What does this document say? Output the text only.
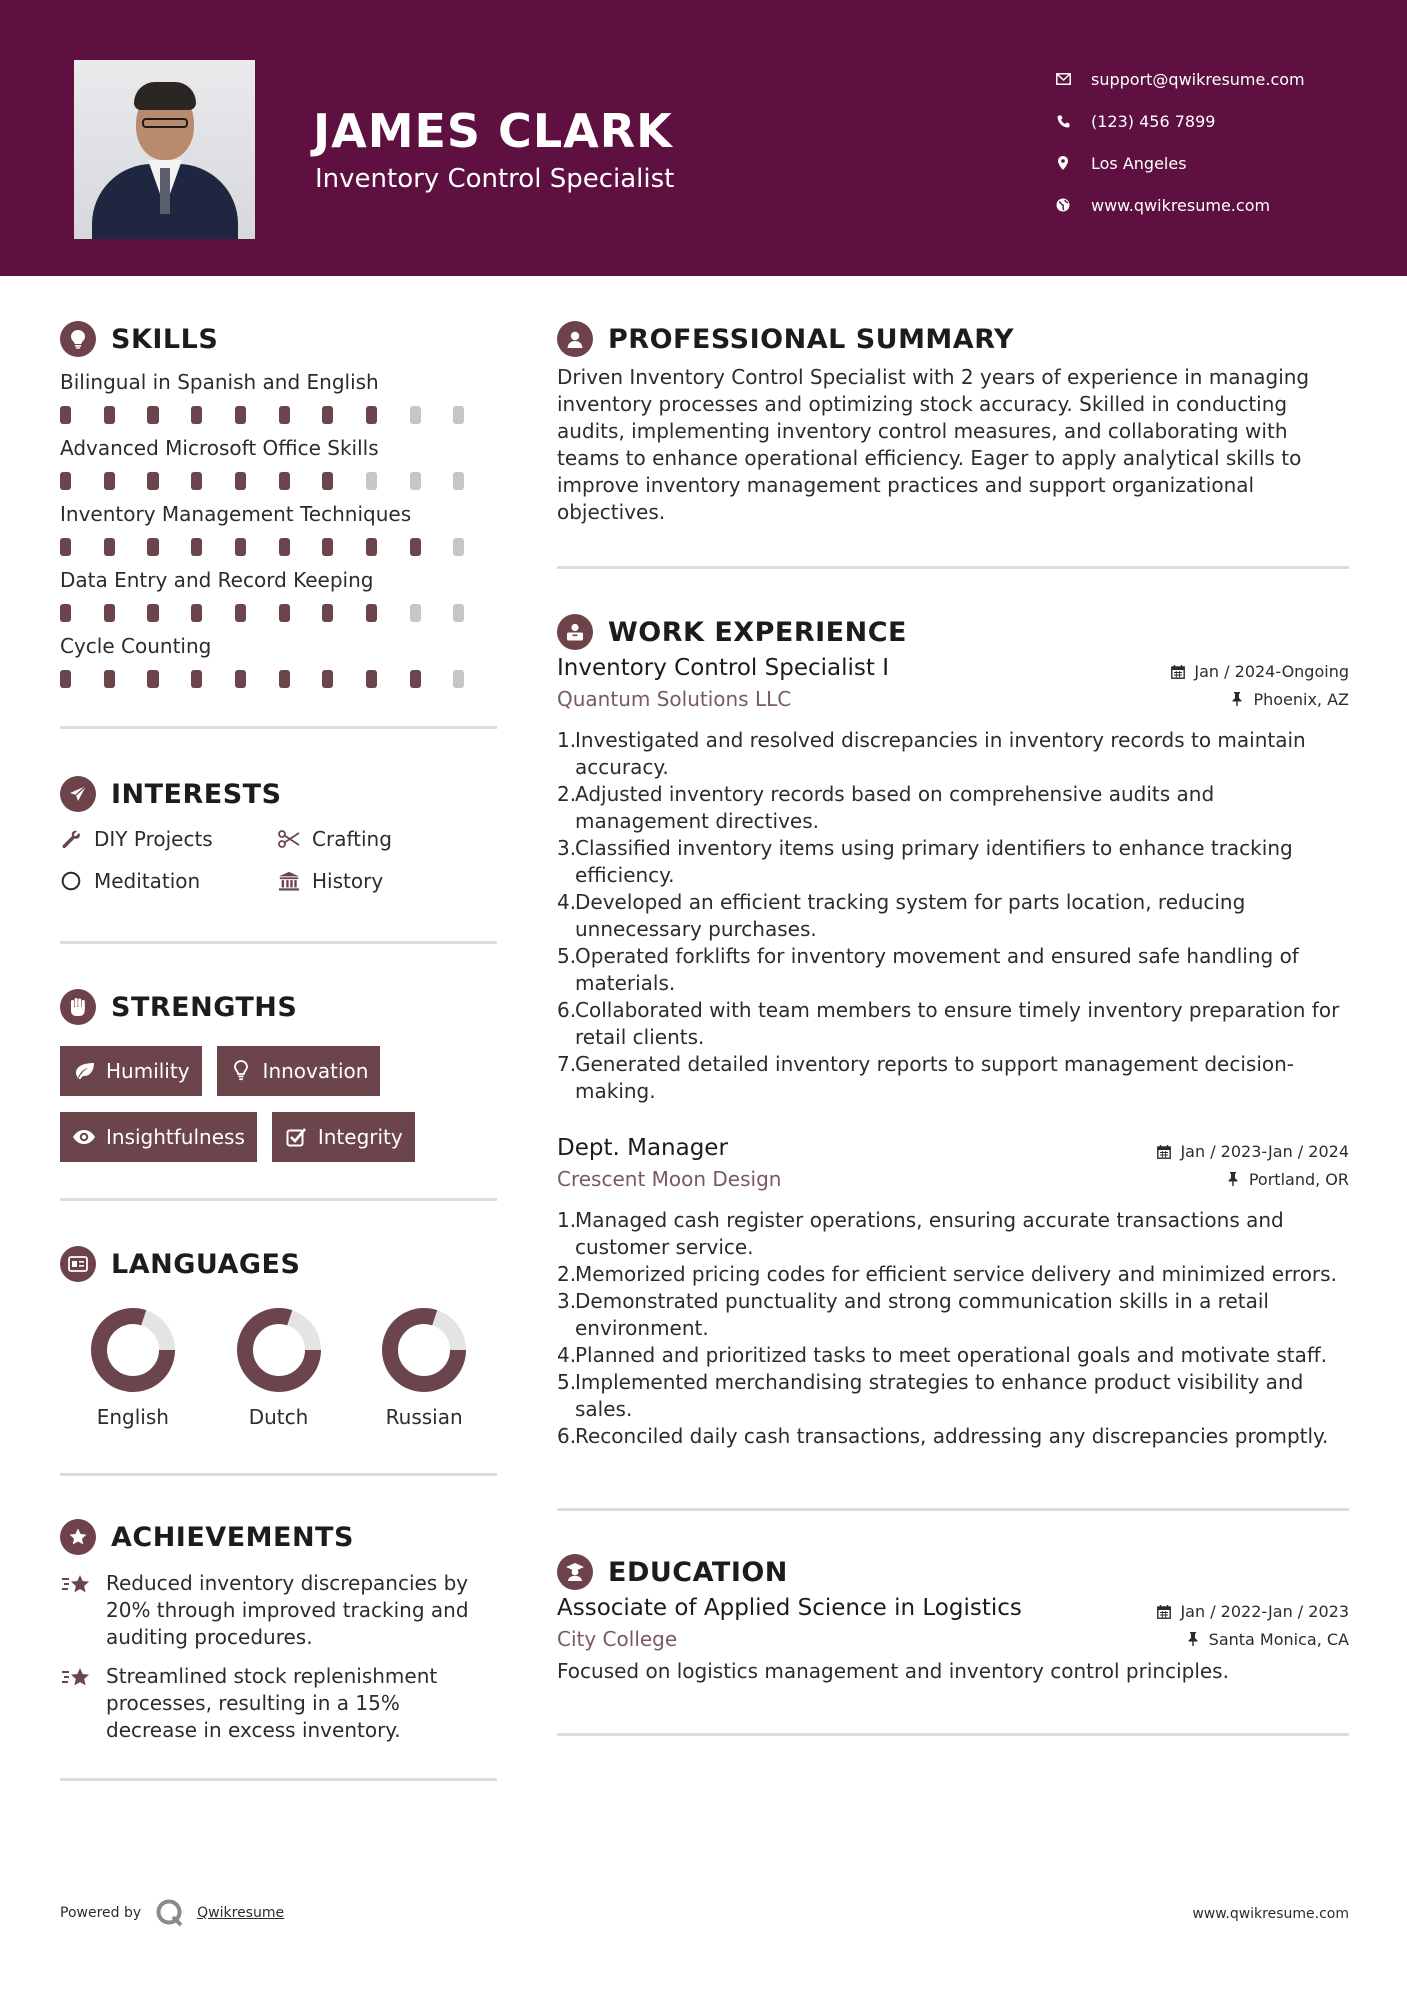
JAMES CLARK
Inventory Control Specialist
support@qwikresume.com
(123) 456 7899
Los Angeles
www.qwikresume.com
SKILLS
Bilingual in Spanish and English
Advanced Microsoft Office Skills
Inventory Management Techniques
Data Entry and Record Keeping
Cycle Counting
INTERESTS
DIY Projects	Crafting
Meditation	History
STRENGTHS
Humility	Innovation
Insightfulness	Integrity
LANGUAGES
English	Dutch	Russian
ACHIEVEMENTS
Reduced inventory discrepancies by 20% through improved tracking and auditing procedures.
Streamlined stock replenishment processes, resulting in a 15% decrease in excess inventory.
PROFESSIONAL SUMMARY
Driven Inventory Control Specialist with 2 years of experience in managing inventory processes and optimizing stock accuracy. Skilled in conducting audits, implementing inventory control measures, and collaborating with teams to enhance operational efficiency. Eager to apply analytical skills to improve inventory management practices and support organizational objectives.
WORK EXPERIENCE
Inventory Control Specialist I	Jan / 2024-Ongoing
Quantum Solutions LLC	Phoenix, AZ
1.
Investigated and resolved discrepancies in inventory records to maintain accuracy.
2.
Adjusted inventory records based on comprehensive audits and management directives.
3.
Classified inventory items using primary identifiers to enhance tracking efficiency.
4.
Developed an efficient tracking system for parts location, reducing unnecessary purchases.
5.
Operated forklifts for inventory movement and ensured safe handling of materials.
6.
Collaborated with team members to ensure timely inventory preparation for retail clients.
7.
Generated detailed inventory reports to support management decision-making.
Dept. Manager	Jan / 2023-Jan / 2024
Crescent Moon Design	Portland, OR
1.
Managed cash register operations, ensuring accurate transactions and customer service.
2.
Memorized pricing codes for efficient service delivery and minimized errors.
3.
Demonstrated punctuality and strong communication skills in a retail environment.
4.
Planned and prioritized tasks to meet operational goals and motivate staff.
5.
Implemented merchandising strategies to enhance product visibility and sales.
6.
Reconciled daily cash transactions, addressing any discrepancies promptly.
EDUCATION
Associate of Applied Science in Logistics	Jan / 2022-Jan / 2023
City College	Santa Monica, CA
Focused on logistics management and inventory control principles.
Powered by	Qwikresume	www.qwikresume.com
